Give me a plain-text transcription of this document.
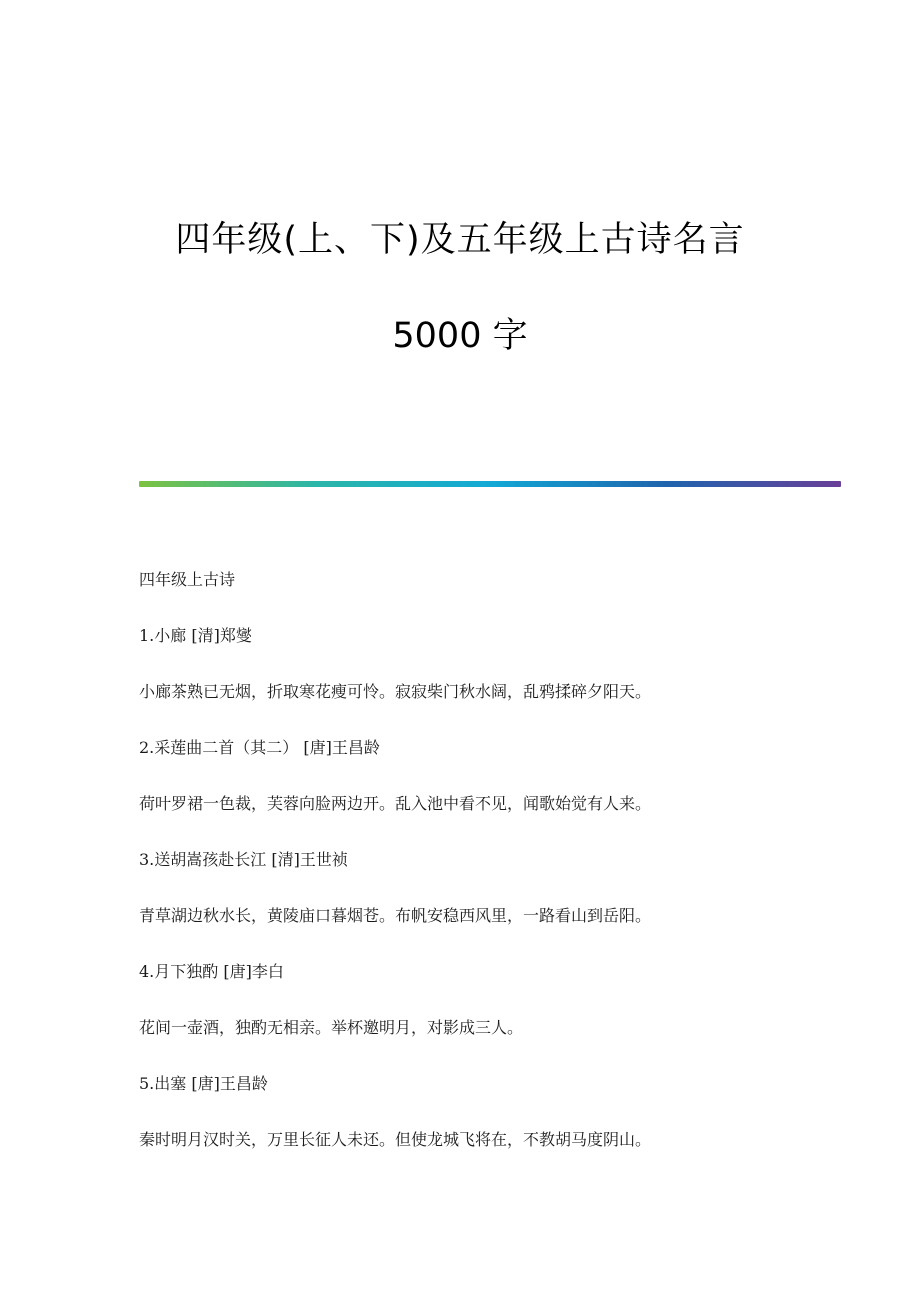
四年级(上、下)及五年级上古诗名言
5000 字

四年级上古诗

1.小廊 [清]郑燮

小廊茶熟已无烟，折取寒花瘦可怜。寂寂柴门秋水阔，乱鸦揉碎夕阳天。

2.采莲曲二首（其二） [唐]王昌龄

荷叶罗裙一色裁，芙蓉向脸两边开。乱入池中看不见，闻歌始觉有人来。

3.送胡嵩孩赴长江 [清]王世祯

青草湖边秋水长，黄陵庙口暮烟苍。布帆安稳西风里，一路看山到岳阳。

4.月下独酌 [唐]李白

花间一壶酒，独酌无相亲。举杯邀明月，对影成三人。

5.出塞 [唐]王昌龄

秦时明月汉时关，万里长征人未还。但使龙城飞将在，不教胡马度阴山。
